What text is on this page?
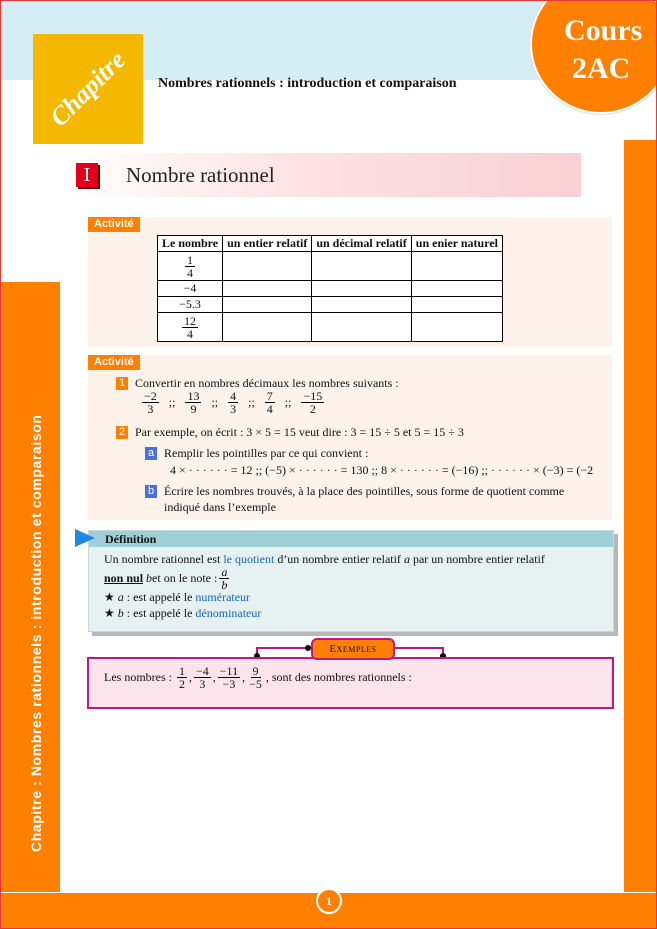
Chapitre : Nombres rationnels : introduction et comparaison
Chapitre Nombres rationnels : introduction et comparaison
Cours
2AC
I	Nombre rationnel
Activité
Le nombre	un entier relatif	un décimal relatif	un enier naturel

$\frac{1}{4}$

−4			
−5.3			

$\frac{12}{4}$

Activité
1 Convertir en nombres décimaux les nombres suivants :
$\frac{-2}{3}$ ;; $\frac{13}{9}$ ;; $\frac{4}{3}$ ;; $\frac{7}{4}$ ;; $\frac{-15}{2}$
2 Par exemple, on écrit : 3 × 5 = 15 veut dire : 3 = 15 ÷ 5 et 5 = 15 ÷ 3
a Remplir les pointilles par ce qui convient :
4 × · · · · · · = 12 ;; (−5) × · · · · · · = 130 ;; 8 × · · · · · · = (−16) ;; · · · · · · × (−3) = (−2
b Écrire les nombres trouvés, à la place des pointilles, sous forme de quotient comme
indiqué dans l’exemple
Définition
Un nombre rationnel est le quotient d’un nombre entier relatif a par un nombre entier relatif
non nul
b et on le note : $\frac{a}{b}$
★ a : est appelé le numérateur
★ b : est appelé le dénominateur
Exemples
Les nombres :
$\frac{1}{2}$ , $\frac{-4}{3}$ , $\frac{-11}{-3}$ , $\frac{9}{-5}$ , sont des nombres rationnels :
1
